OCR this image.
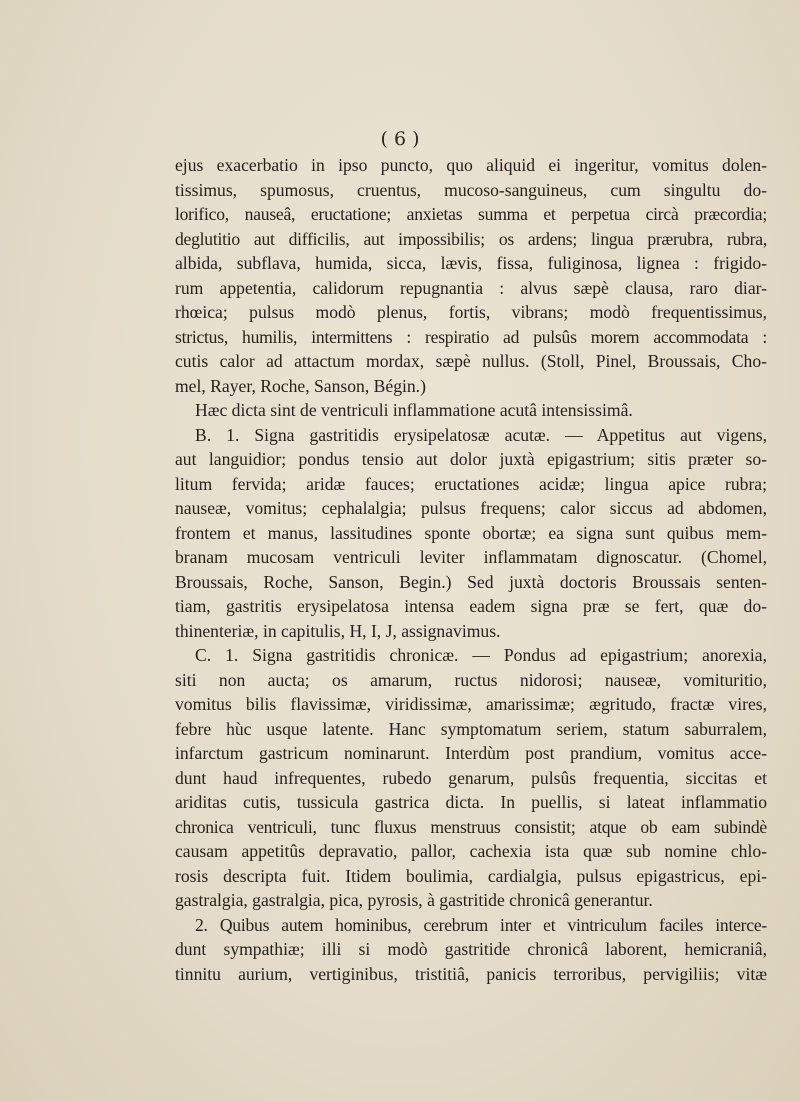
( 6 )
ejus exacerbatio in ipso puncto, quo aliquid ei ingeritur, vomitus dolen-
tissimus, spumosus, cruentus, mucoso-sanguineus, cum singultu do-
lorifico, nauseâ, eructatione; anxietas summa et perpetua circà præcordia;
deglutitio aut difficilis, aut impossibilis; os ardens; lingua prærubra, rubra,
albida, subflava, humida, sicca, lævis, fissa, fuliginosa, lignea : frigido-
rum appetentia, calidorum repugnantia : alvus sæpè clausa, raro diar-
rhœica; pulsus modò plenus, fortis, vibrans; modò frequentissimus,
strictus, humilis, intermittens : respiratio ad pulsûs morem accommodata :
cutis calor ad attactum mordax, sæpè nullus. (Stoll, Pinel, Broussais, Cho-
mel, Rayer, Roche, Sanson, Bégin.)
Hæc dicta sint de ventriculi inflammatione acutâ intensissimâ.
B. 1. Signa gastritidis erysipelatosæ acutæ. — Appetitus aut vigens,
aut languidior; pondus tensio aut dolor juxtà epigastrium; sitis præter so-
litum fervida; aridæ fauces; eructationes acidæ; lingua apice rubra;
nauseæ, vomitus; cephalalgia; pulsus frequens; calor siccus ad abdomen,
frontem et manus, lassitudines sponte obortæ; ea signa sunt quibus mem-
branam mucosam ventriculi leviter inflammatam dignoscatur. (Chomel,
Broussais, Roche, Sanson, Begin.) Sed juxtà doctoris Broussais senten-
tiam, gastritis erysipelatosa intensa eadem signa præ se fert, quæ do-
thinenteriæ, in capitulis, H, I, J, assignavimus.
C. 1. Signa gastritidis chronicæ. — Pondus ad epigastrium; anorexia,
siti non aucta; os amarum, ructus nidorosi; nauseæ, vomituritio,
vomitus bilis flavissimæ, viridissimæ, amarissimæ; ægritudo, fractæ vires,
febre hùc usque latente. Hanc symptomatum seriem, statum saburralem,
infarctum gastricum nominarunt. Interdùm post prandium, vomitus acce-
dunt haud infrequentes, rubedo genarum, pulsûs frequentia, siccitas et
ariditas cutis, tussicula gastrica dicta. In puellis, si lateat inflammatio
chronica ventriculi, tunc fluxus menstruus consistit; atque ob eam subindè
causam appetitûs depravatio, pallor, cachexia ista quæ sub nomine chlo-
rosis descripta fuit. Itidem boulimia, cardialgia, pulsus epigastricus, epi-
gastralgia, gastralgia, pica, pyrosis, à gastritide chronicâ generantur.
2. Quibus autem hominibus, cerebrum inter et vintriculum faciles interce-
dunt sympathiæ; illi si modò gastritide chronicâ laborent, hemicraniâ,
tinnitu aurium, vertiginibus, tristitiâ, panicis terroribus, pervigiliis; vitæ
